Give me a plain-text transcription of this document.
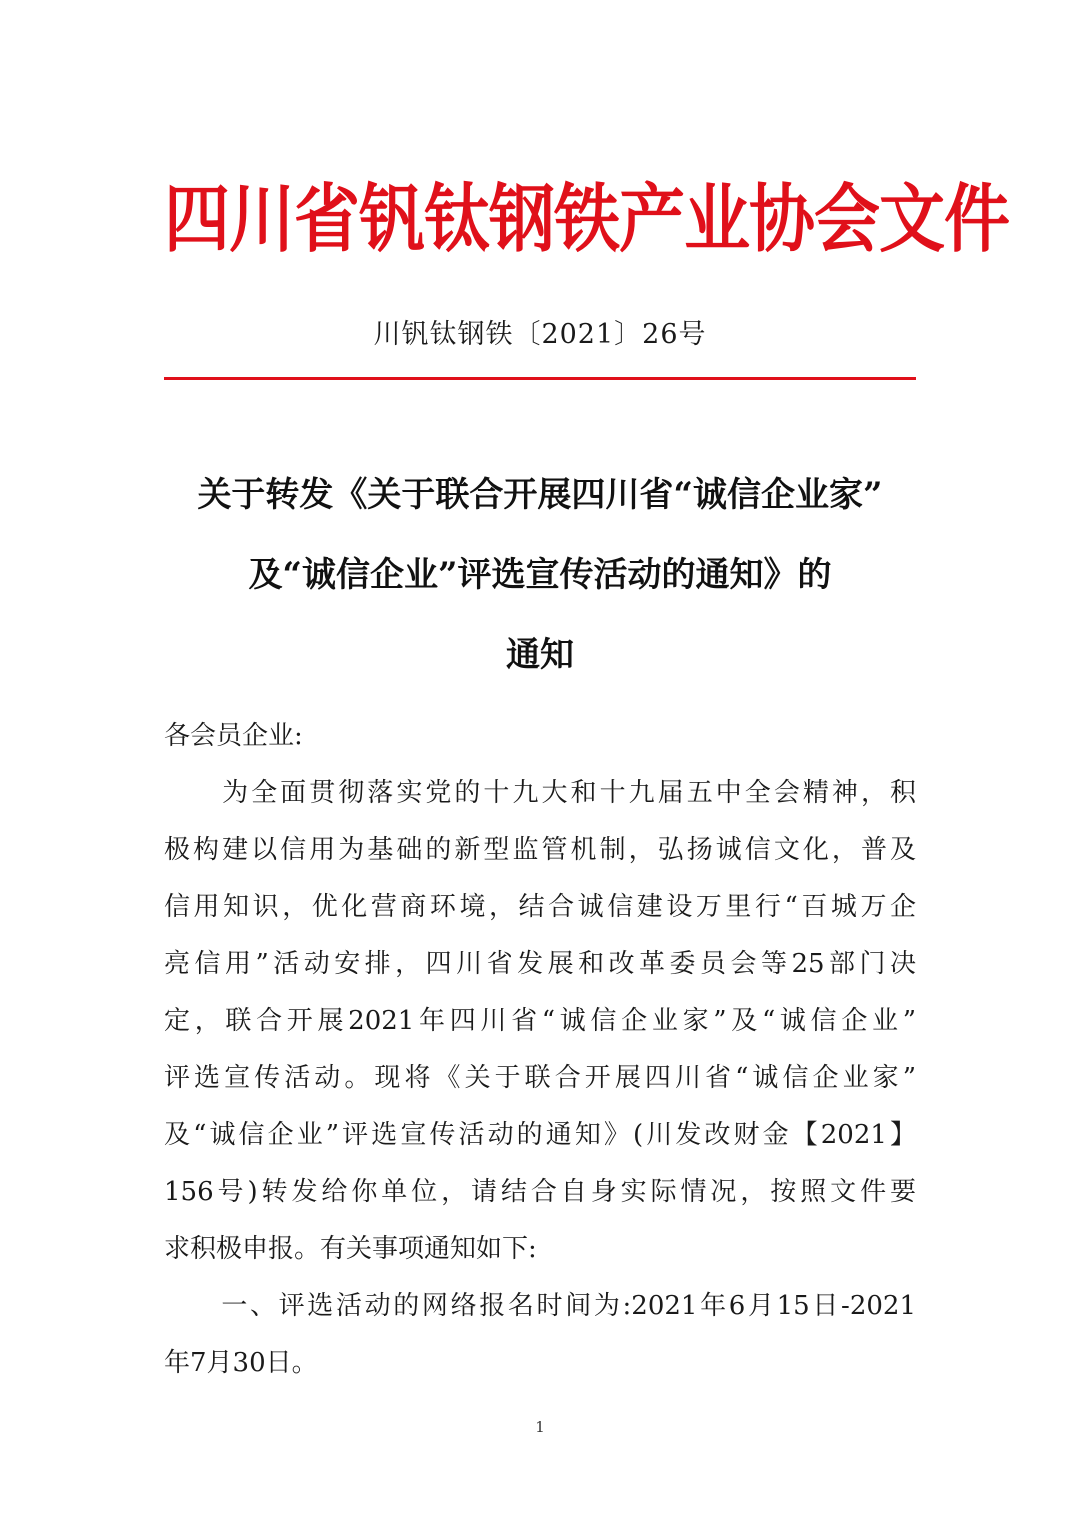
四川省钒钛钢铁产业协会文件
川钒钛钢铁〔2021〕26号
关于转发《关于联合开展四川省“诚信企业家”
及“诚信企业”评选宣传活动的通知》的
通知
各会员企业:
　　为全面贯彻落实党的十九大和十九届五中全会精神，积
极构建以信用为基础的新型监管机制，弘扬诚信文化，普及
信用知识，优化营商环境，结合诚信建设万里行“百城万企
亮信用”活动安排，四川省发展和改革委员会等25部门决
定，联合开展2021年四川省“诚信企业家”及“诚信企业”
评选宣传活动。现将《关于联合开展四川省“诚信企业家”
及“诚信企业”评选宣传活动的通知》(川发改财金【2021】
156号)转发给你单位，请结合自身实际情况，按照文件要
求积极申报。有关事项通知如下:
　　一、评选活动的网络报名时间为:2021年6月15日-2021
年7月30日。
1
